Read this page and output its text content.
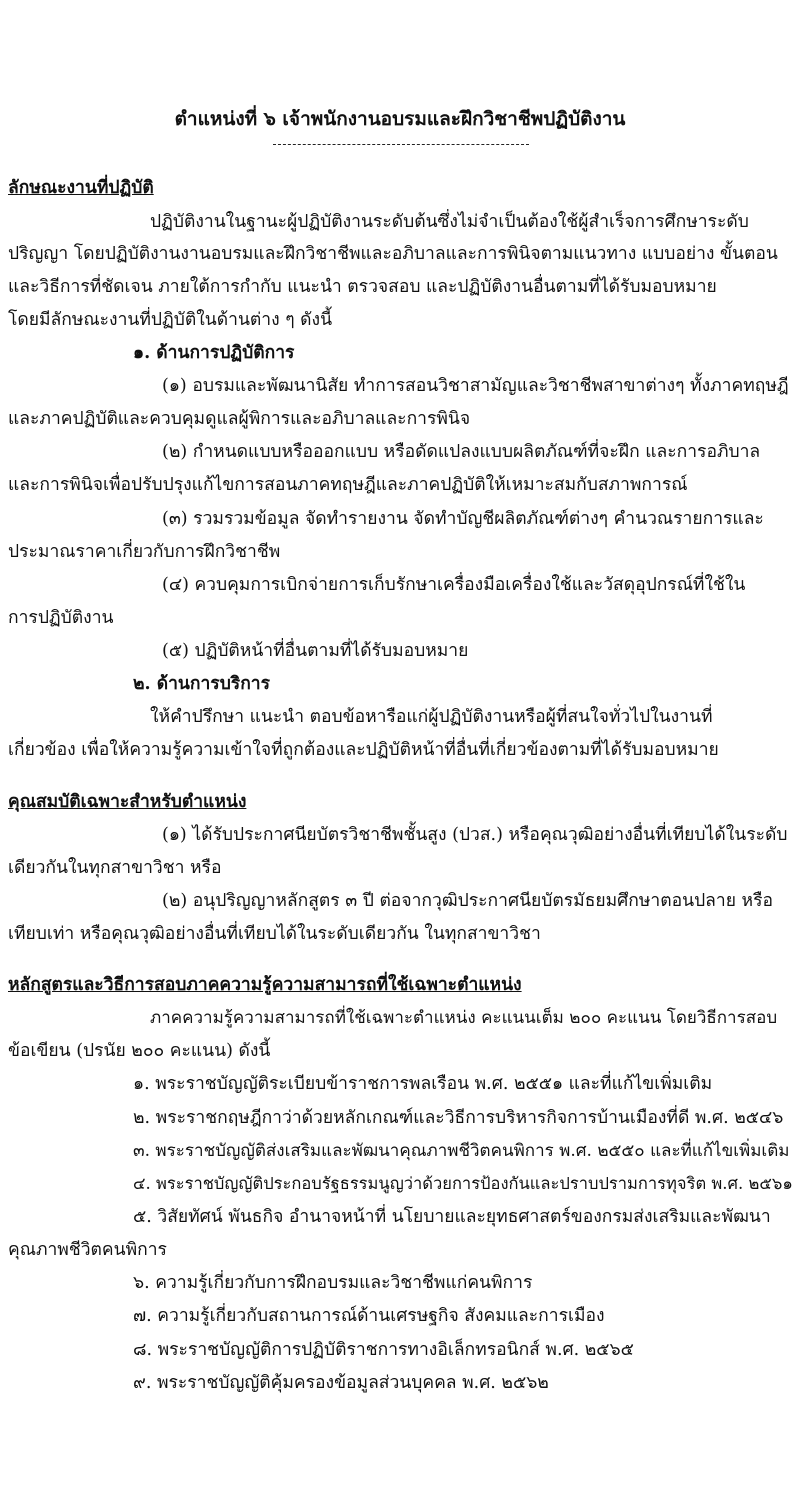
ตำแหน่งที่ ๖ เจ้าพนักงานอบรมและฝึกวิชาชีพปฏิบัติงาน
ลักษณะงานที่ปฏิบัติ
ปฏิบัติงานในฐานะผู้ปฏิบัติงานระดับต้นซึ่งไม่จำเป็นต้องใช้ผู้สำเร็จการศึกษาระดับ
ปริญญา โดยปฏิบัติงานงานอบรมและฝึกวิชาชีพและอภิบาลและการพินิจตามแนวทาง แบบอย่าง ขั้นตอน
และวิธีการที่ชัดเจน ภายใต้การกำกับ แนะนำ ตรวจสอบ และปฏิบัติงานอื่นตามที่ได้รับมอบหมาย
โดยมีลักษณะงานที่ปฏิบัติในด้านต่าง ๆ ดังนี้
๑. ด้านการปฏิบัติการ
(๑) อบรมและพัฒนานิสัย ทำการสอนวิชาสามัญและวิชาชีพสาขาต่างๆ ทั้งภาคทฤษฎี
และภาคปฏิบัติและควบคุมดูแลผู้พิการและอภิบาลและการพินิจ
(๒) กำหนดแบบหรือออกแบบ หรือดัดแปลงแบบผลิตภัณฑ์ที่จะฝึก และการอภิบาล
และการพินิจเพื่อปรับปรุงแก้ไขการสอนภาคทฤษฎีและภาคปฏิบัติให้เหมาะสมกับสภาพการณ์
(๓) รวมรวมข้อมูล จัดทำรายงาน จัดทำบัญชีผลิตภัณฑ์ต่างๆ คำนวณรายการและ
ประมาณราคาเกี่ยวกับการฝึกวิชาชีพ
(๔) ควบคุมการเบิกจ่ายการเก็บรักษาเครื่องมือเครื่องใช้และวัสดุอุปกรณ์ที่ใช้ใน
การปฏิบัติงาน
(๕) ปฏิบัติหน้าที่อื่นตามที่ได้รับมอบหมาย
๒. ด้านการบริการ
ให้คำปรึกษา แนะนำ ตอบข้อหารือแก่ผู้ปฏิบัติงานหรือผู้ที่สนใจทั่วไปในงานที่
เกี่ยวข้อง เพื่อให้ความรู้ความเข้าใจที่ถูกต้องและปฏิบัติหน้าที่อื่นที่เกี่ยวข้องตามที่ได้รับมอบหมาย
คุณสมบัติเฉพาะสำหรับตำแหน่ง
(๑) ได้รับประกาศนียบัตรวิชาชีพชั้นสูง (ปวส.) หรือคุณวุฒิอย่างอื่นที่เทียบได้ในระดับ
เดียวกันในทุกสาขาวิชา หรือ
(๒) อนุปริญญาหลักสูตร ๓ ปี ต่อจากวุฒิประกาศนียบัตรมัธยมศึกษาตอนปลาย หรือ
เทียบเท่า หรือคุณวุฒิอย่างอื่นที่เทียบได้ในระดับเดียวกัน ในทุกสาขาวิชา
หลักสูตรและวิธีการสอบภาคความรู้ความสามารถที่ใช้เฉพาะตำแหน่ง
ภาคความรู้ความสามารถที่ใช้เฉพาะตำแหน่ง คะแนนเต็ม ๒๐๐ คะแนน โดยวิธีการสอบ
ข้อเขียน (ปรนัย ๒๐๐ คะแนน) ดังนี้
๑. พระราชบัญญัติระเบียบข้าราชการพลเรือน พ.ศ. ๒๕๕๑ และที่แก้ไขเพิ่มเติม
๒. พระราชกฤษฎีกาว่าด้วยหลักเกณฑ์และวิธีการบริหารกิจการบ้านเมืองที่ดี พ.ศ. ๒๕๔๖
๓. พระราชบัญญัติส่งเสริมและพัฒนาคุณภาพชีวิตคนพิการ พ.ศ. ๒๕๕๐ และที่แก้ไขเพิ่มเติม
๔. พระราชบัญญัติประกอบรัฐธรรมนูญว่าด้วยการป้องกันและปราบปรามการทุจริต พ.ศ. ๒๕๖๑
๕. วิสัยทัศน์ พันธกิจ อำนาจหน้าที่ นโยบายและยุทธศาสตร์ของกรมส่งเสริมและพัฒนา
คุณภาพชีวิตคนพิการ
๖. ความรู้เกี่ยวกับการฝึกอบรมและวิชาชีพแก่คนพิการ
๗. ความรู้เกี่ยวกับสถานการณ์ด้านเศรษฐกิจ สังคมและการเมือง
๘. พระราชบัญญัติการปฏิบัติราชการทางอิเล็กทรอนิกส์ พ.ศ. ๒๕๖๕
๙. พระราชบัญญัติคุ้มครองข้อมูลส่วนบุคคล พ.ศ. ๒๕๖๒
